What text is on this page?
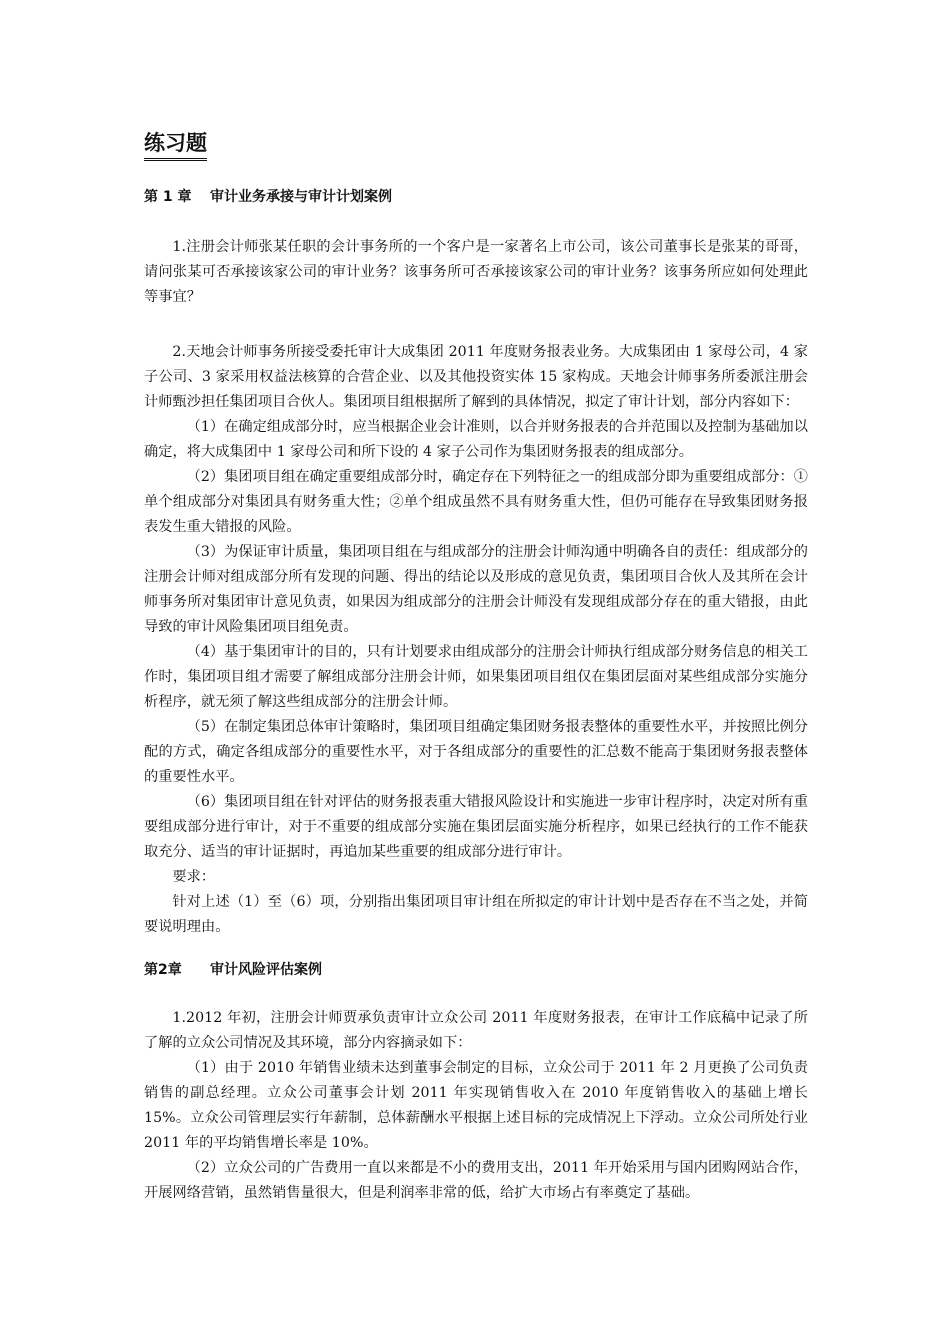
练习题
第 1 章 审计业务承接与审计计划案例

1.注册会计师张某任职的会计事务所的一个客户是一家著名上市公司，该公司董事长是张某的哥哥，请问张某可否承接该家公司的审计业务？该事务所可否承接该家公司的审计业务？该事务所应如何处理此等事宜？

2.天地会计师事务所接受委托审计大成集团 2011 年度财务报表业务。大成集团由 1 家母公司，4 家子公司、3 家采用权益法核算的合营企业、以及其他投资实体 15 家构成。天地会计师事务所委派注册会计师甄沙担任集团项目合伙人。集团项目组根据所了解到的具体情况，拟定了审计计划，部分内容如下：

（1）在确定组成部分时，应当根据企业会计准则，以合并财务报表的合并范围以及控制为基础加以确定，将大成集团中 1 家母公司和所下设的 4 家子公司作为集团财务报表的组成部分。

（2）集团项目组在确定重要组成部分时，确定存在下列特征之一的组成部分即为重要组成部分：①单个组成部分对集团具有财务重大性；②单个组成虽然不具有财务重大性，但仍可能存在导致集团财务报表发生重大错报的风险。

（3）为保证审计质量，集团项目组在与组成部分的注册会计师沟通中明确各自的责任：组成部分的注册会计师对组成部分所有发现的问题、得出的结论以及形成的意见负责，集团项目合伙人及其所在会计师事务所对集团审计意见负责，如果因为组成部分的注册会计师没有发现组成部分存在的重大错报，由此导致的审计风险集团项目组免责。

（4）基于集团审计的目的，只有计划要求由组成部分的注册会计师执行组成部分财务信息的相关工作时，集团项目组才需要了解组成部分注册会计师，如果集团项目组仅在集团层面对某些组成部分实施分析程序，就无须了解这些组成部分的注册会计师。

（5）在制定集团总体审计策略时，集团项目组确定集团财务报表整体的重要性水平，并按照比例分配的方式，确定各组成部分的重要性水平，对于各组成部分的重要性的汇总数不能高于集团财务报表整体的重要性水平。

（6）集团项目组在针对评估的财务报表重大错报风险设计和实施进一步审计程序时，决定对所有重要组成部分进行审计，对于不重要的组成部分实施在集团层面实施分析程序，如果已经执行的工作不能获取充分、适当的审计证据时，再追加某些重要的组成部分进行审计。

要求：

针对上述（1）至（6）项，分别指出集团项目审计组在所拟定的审计计划中是否存在不当之处，并简要说明理由。

第2章 审计风险评估案例

1.2012 年初，注册会计师贾承负责审计立众公司 2011 年度财务报表，在审计工作底稿中记录了所了解的立众公司情况及其环境，部分内容摘录如下：

（1）由于 2010 年销售业绩未达到董事会制定的目标，立众公司于 2011 年 2 月更换了公司负责销售的副总经理。立众公司董事会计划 2011 年实现销售收入在 2010 年度销售收入的基础上增长 15%。立众公司管理层实行年薪制，总体薪酬水平根据上述目标的完成情况上下浮动。立众公司所处行业 2011 年的平均销售增长率是 10%。

（2）立众公司的广告费用一直以来都是不小的费用支出，2011 年开始采用与国内团购网站合作，开展网络营销，虽然销售量很大，但是利润率非常的低，给扩大市场占有率奠定了基础。
